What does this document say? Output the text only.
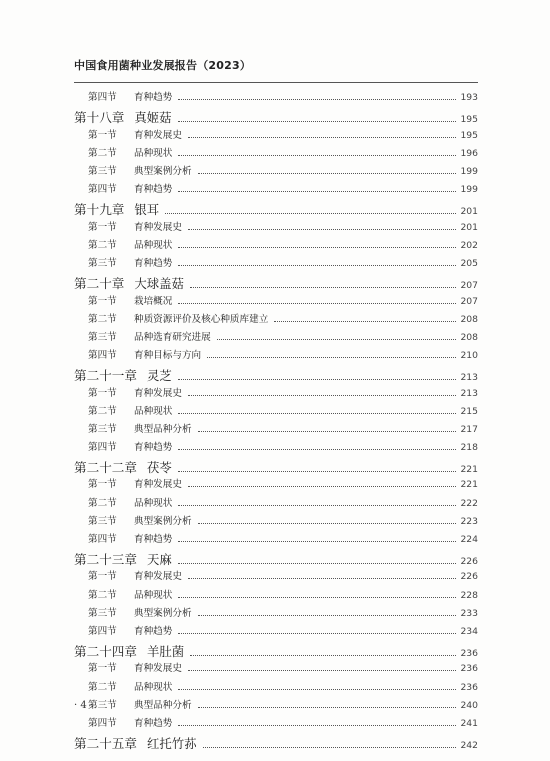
中国食用菌种业发展报告（2023）
第四节	育种趋势	193
第十八章 真姬菇	195
第一节	育种发展史	195
第二节	品种现状	196
第三节	典型案例分析	199
第四节	育种趋势	199
第十九章 银耳	201
第一节	育种发展史	201
第二节	品种现状	202
第三节	育种趋势	205
第二十章 大球盖菇	207
第一节	栽培概况	207
第二节	种质资源评价及核心种质库建立	208
第三节	品种选育研究进展	208
第四节	育种目标与方向	210
第二十一章 灵芝	213
第一节	育种发展史	213
第二节	品种现状	215
第三节	典型品种分析	217
第四节	育种趋势	218
第二十二章 茯苓	221
第一节	育种发展史	221
第二节	品种现状	222
第三节	典型案例分析	223
第四节	育种趋势	224
第二十三章 天麻	226
第一节	育种发展史	226
第二节	品种现状	228
第三节	典型案例分析	233
第四节	育种趋势	234
第二十四章 羊肚菌	236
第一节	育种发展史	236
第二节	品种现状	236
第三节	典型品种分析	240
第四节	育种趋势	241
第二十五章 红托竹荪	242
· 4 ·
